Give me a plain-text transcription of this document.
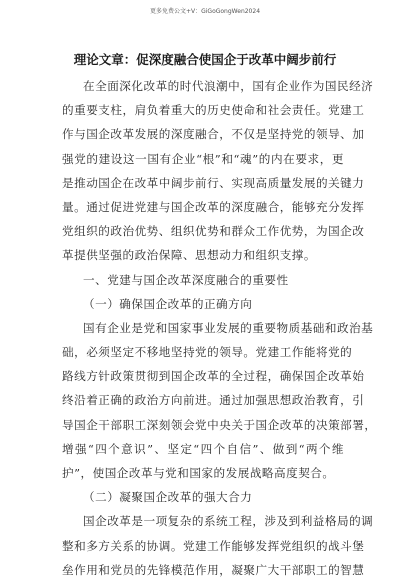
更多免费公文+V：GiGoGongWen2024
理论文章：促深度融合使国企于改革中阔步前行
在全面深化改革的时代浪潮中，国有企业作为国民经济
的重要支柱，肩负着重大的历史使命和社会责任。党建工
作与国企改革发展的深度融合，不仅是坚持党的领导、加
强党的建设这一国有企业“根”和“魂”的内在要求，更
是推动国企在改革中阔步前行、实现高质量发展的关键力
量。通过促进党建与国企改革的深度融合，能够充分发挥
党组织的政治优势、组织优势和群众工作优势，为国企改
革提供坚强的政治保障、思想动力和组织支撑。
一、党建与国企改革深度融合的重要性
（一）确保国企改革的正确方向
国有企业是党和国家事业发展的重要物质基础和政治基
础，必须坚定不移地坚持党的领导。党建工作能将党的
路线方针政策贯彻到国企改革的全过程，确保国企改革始
终沿着正确的政治方向前进。通过加强思想政治教育，引
导国企干部职工深刻领会党中央关于国企改革的决策部署，
增强“四个意识”、坚定“四个自信”、做到“两个维
护”，使国企改革与党和国家的发展战略高度契合。
（二）凝聚国企改革的强大合力
国企改革是一项复杂的系统工程，涉及到利益格局的调
整和多方关系的协调。党建工作能够发挥党组织的战斗堡
垒作用和党员的先锋模范作用，凝聚广大干部职工的智慧
